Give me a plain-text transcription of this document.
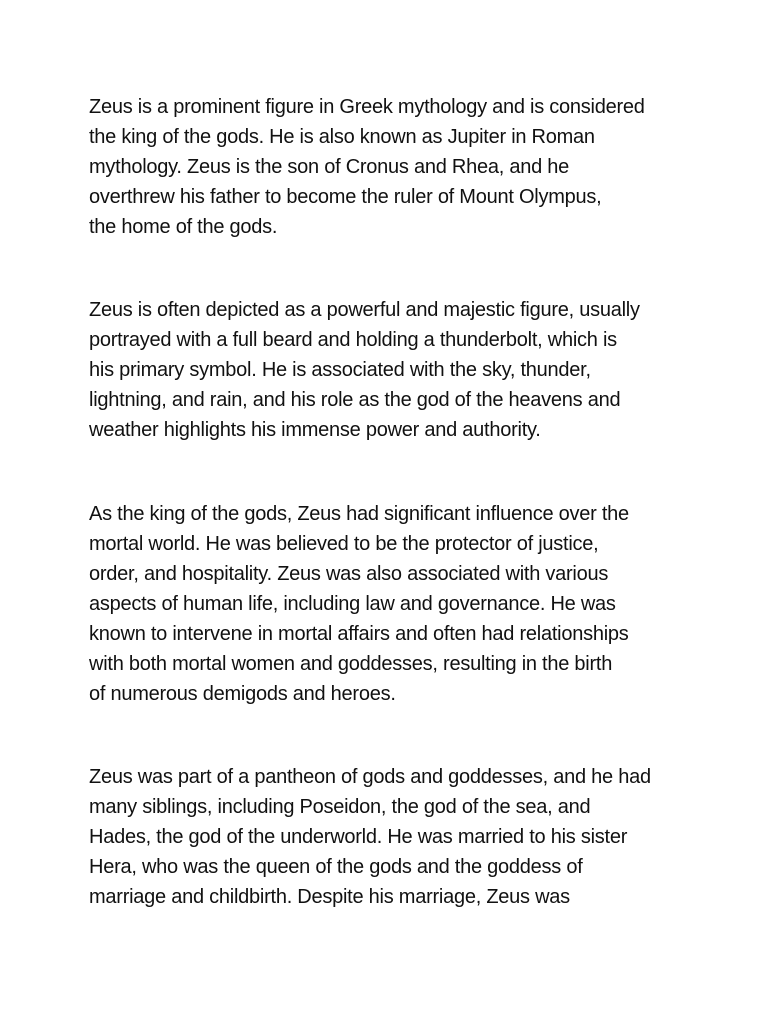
Zeus is a prominent figure in Greek mythology and is considered
the king of the gods. He is also known as Jupiter in Roman
mythology. Zeus is the son of Cronus and Rhea, and he
overthrew his father to become the ruler of Mount Olympus,
the home of the gods.

Zeus is often depicted as a powerful and majestic figure, usually
portrayed with a full beard and holding a thunderbolt, which is
his primary symbol. He is associated with the sky, thunder,
lightning, and rain, and his role as the god of the heavens and
weather highlights his immense power and authority.

As the king of the gods, Zeus had significant influence over the
mortal world. He was believed to be the protector of justice,
order, and hospitality. Zeus was also associated with various
aspects of human life, including law and governance. He was
known to intervene in mortal affairs and often had relationships
with both mortal women and goddesses, resulting in the birth
of numerous demigods and heroes.

Zeus was part of a pantheon of gods and goddesses, and he had
many siblings, including Poseidon, the god of the sea, and
Hades, the god of the underworld. He was married to his sister
Hera, who was the queen of the gods and the goddess of
marriage and childbirth. Despite his marriage, Zeus was
